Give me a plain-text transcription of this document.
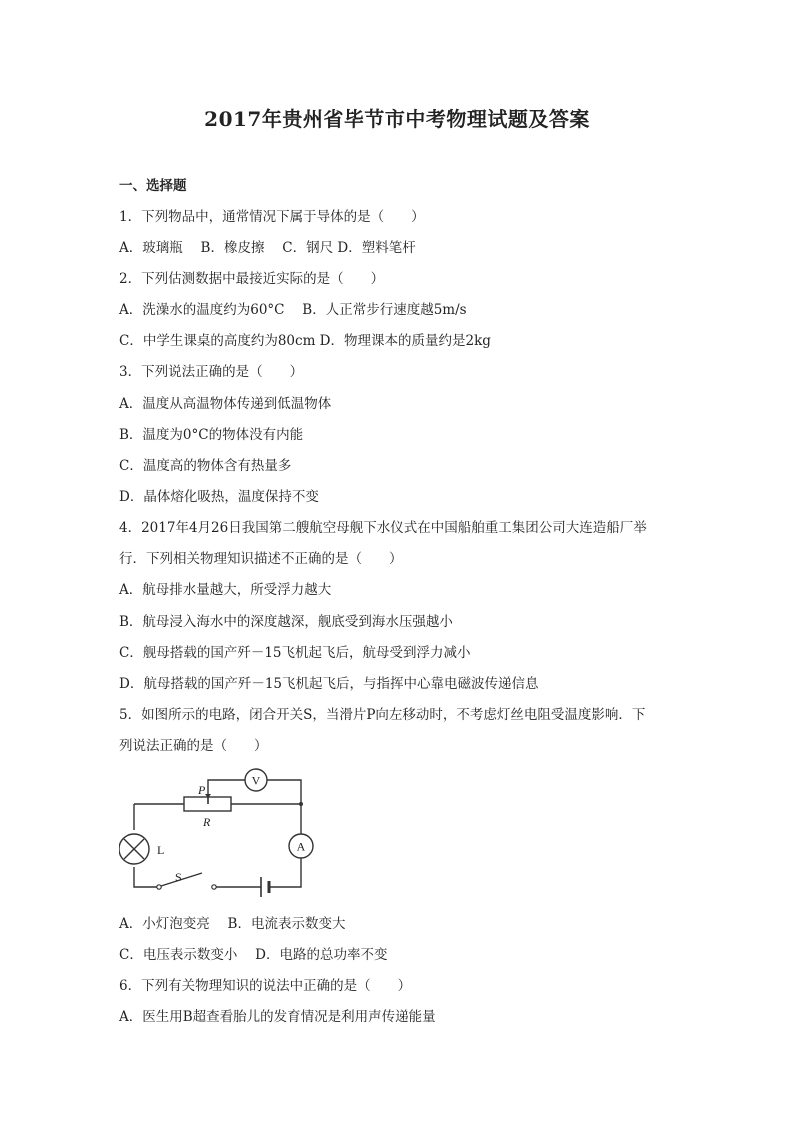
2017年贵州省毕节市中考物理试题及答案
一、选择题
1．下列物品中，通常情况下属于导体的是（　　）
A．玻璃瓶　 B．橡皮擦　 C．钢尺 D．塑料笔杆
2．下列估测数据中最接近实际的是（　　）
A．洗澡水的温度约为60°C　 B．人正常步行速度越5m/s
C．中学生课桌的高度约为80cm D．物理课本的质量约是2kg
3．下列说法正确的是（　　）
A．温度从高温物体传递到低温物体
B．温度为0°C的物体没有内能
C．温度高的物体含有热量多
D．晶体熔化吸热，温度保持不变
4．2017年4月26日我国第二艘航空母舰下水仪式在中国船舶重工集团公司大连造船厂举
行．下列相关物理知识描述不正确的是（　　）
A．航母排水量越大，所受浮力越大
B．航母浸入海水中的深度越深，舰底受到海水压强越小
C．舰母搭载的国产歼－15飞机起飞后，航母受到浮力减小
D．航母搭载的国产歼－15飞机起飞后，与指挥中心靠电磁波传递信息
5．如图所示的电路，闭合开关S，当滑片P向左移动时，不考虑灯丝电阻受温度影响．下
列说法正确的是（　　）
V
A
L
S
P
R
A．小灯泡变亮　 B．电流表示数变大
C．电压表示数变小　 D．电路的总功率不变
6．下列有关物理知识的说法中正确的是（　　）
A．医生用B超查看胎儿的发育情况是利用声传递能量
